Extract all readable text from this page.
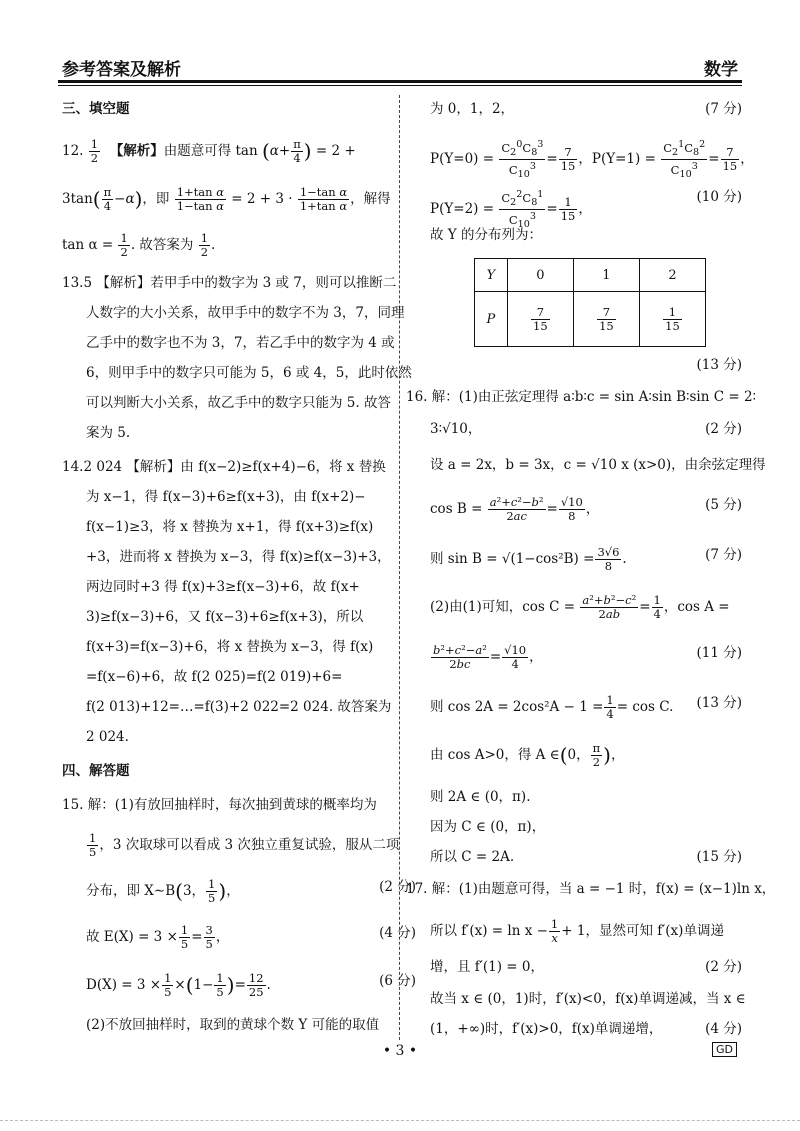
参考答案及解析	数学
三、填空题
12. $\frac{1}{2}$ 【解析】由题意可得 $\tan (\alpha+ \frac{\pi}{4}$ ) = 2 +
$3\tan( \frac{\pi}{4} -\alpha)$，即 $\frac{\text{1+tan α}}{\text{1−tan α}} = 2 + 3 \cdot \frac{\text{1−tan α}}{\text{1+tan α}}$ ，解得
$\tan \alpha = \frac{1}{2}$ . 故答案为 $\frac{1}{2}$ .
13.5 【解析】若甲手中的数字为 3 或 7，则可以推断二
人数字的大小关系，故甲手中的数字不为 3，7，同理
乙手中的数字也不为 3，7，若乙手中的数字为 4 或
6，则甲手中的数字只可能为 5，6 或 4，5，此时依然
可以判断大小关系，故乙手中的数字只能为 5. 故答
案为 5.
14.2 024 【解析】由 f(x−2)≥f(x+4)−6，将 x 替换
为 x−1，得 f(x−3)+6≥f(x+3)，由 f(x+2)−
f(x−1)≥3，将 x 替换为 x+1，得 f(x+3)≥f(x)
+3，进而将 x 替换为 x−3，得 f(x)≥f(x−3)+3，
两边同时+3 得 f(x)+3≥f(x−3)+6，故 f(x+
3)≥f(x−3)+6，又 f(x−3)+6≥f(x+3)，所以
f(x+3)=f(x−3)+6，将 x 替换为 x−3，得 f(x)
=f(x−6)+6，故 f(2 025)=f(2 019)+6=
f(2 013)+12=…=f(3)+2 022=2 024. 故答案为
2 024.
四、解答题
15. 解：(1)有放回抽样时，每次抽到黄球的概率均为
$\frac{1}{5}$ ，3 次取球可以看成 3 次独立重复试验，服从二项
分布，即 X∼B(3， $\frac{1}{5}$ )，	(2 分)
故 $E(X) = 3 \times \frac{1}{5} = \frac{3}{5}$ ，	(4 分)
$D(X) = 3 \times \frac{1}{5} \times(1- \frac{1}{5}$ )= $\frac{12}{25}$ .	(6 分)
(2)不放回抽样时，取到的黄球个数 Y 可能的取值
为 0，1，2，	(7 分)
$P(Y=0) = \frac{C_2^0C_8^3}{C_{10}^3} = \frac{7}{15}$ ，$P(Y=1) = \frac{C_2^1C_8^2}{C_{10}^3} = \frac{7}{15}$ ，
$P(Y=2) = \frac{C_2^2C_8^1}{C_{10}^3} = \frac{1}{15}$ ，
(10 分)
故 Y 的分布列为：
Y	0	1	2
P	$\frac{7}{15}$	$\frac{7}{15}$	$\frac{1}{15}$
(13 分)
16. 解：(1)由正弦定理得 a∶b∶c = sin A∶sin B∶sin C = 2∶
3∶√10，	(2 分)
设 a = 2x，b = 3x，c = √10 x (x>0)，由余弦定理得
$\cos B = \frac{\text{a²+c²−b²}}{2ac} = \frac{√10}{8}$ ，	(5 分)
则 $\sin B = √(1-\cos^2B) = \frac{3√6}{8}$ .	(7 分)
(2)由(1)可知，$\cos C = \frac{\text{a²+b²−c²}}{2ab} = \frac{1}{4}$ ，cos A =
$\frac{\text{b²+c²−a²}}{2bc} = \frac{√10}{4}$ ，	(11 分)
则 $\cos 2A = 2\cos^2A - 1 = \frac{1}{4} = \cos C$. (13 分)
由 cos A>0，得 A ∈(0， $\frac{\pi}{2}$ )，
则 2A ∈ (0，π).
因为 C ∈ (0，π)，
所以 C = 2A.	(15 分)
17. 解：(1)由题意可得，当 a = −1 时，f(x) = (x−1)ln x，
所以 $f'(x) = \ln x - \frac{1}{x} + 1$，显然可知 f′(x)单调递
增，且 f′(1) = 0，	(2 分)
故当 x ∈ (0，1)时，f′(x)<0，f(x)单调递减，当 x ∈
(1，+∞)时，f′(x)>0，f(x)单调递增，	(4 分)
• 3 •	GD
